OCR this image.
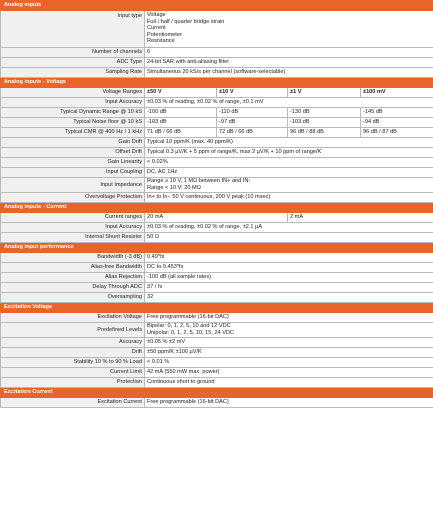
Analog inputs				
Input type	Voltage
Full / half / quarter bridge strain
Current
Potentiometer
Resistance			

Number of channels	6			
ADC Type	24-bit SAR with anti-aliasing filter			
Sampling Rate	Simultaneous 20 kS/s per channel (software-selectable)			
Analog inputs - Voltage				
Voltage Ranges	±50 V	±10 V	±1 V	±100 mV
Input Accuracy	±0.03 % of reading, ±0.02 % of range, ±0.1 mV			
Typical Dynamic Range @ 10 kS	-100 dB	-110 dB	-130 dB	-145 dB
Typical Noise floor @ 10 kS	-103 dB	-97 dB	-103 dB	-94 dB
Typical CMR @ 400 Hz / 1 kHz	71 dB / 66 dB	72 dB / 66 dB	96 dB / 88 dB	96 dB / 87 dB
Gain Drift	Typical 10 ppm/K (max. 40 ppm/K)			
Offset Drift	Typical 0.3 µV/K + 5 ppm of range/K, max 2 µV/K + 10 ppm of range/K			
Gain Linearity	< 0.02%			
Input Coupling	DC, AC 1Hz			
Input Impedance	Range ≥ 10 V, 1 MΩ between IN+ and IN-
Range < 10 V: 20 MΩ			

Overvoltage Protection	In+ to In-: 50 V continuous, 200 V peak (10 msec)			
Analog inputs - Current				
Current ranges	20 mA		2 mA	
Input Accuracy	±0.03 % of reading, ±0.02 % of range, ±2.1 µA			
Internal Shunt Resistor	50 Ω			
Analog input performance				
Bandwidth (-3 dB)	0.49*fs			
Alias-free Bandwidth	DC to 0.453*fs			
Alias Rejection	-100 dB (all sample rates)			
Delay Through ADC	37 / fs			
Oversampling	32			
Excitation Voltage				
Excitation Voltage	Free programmable (16-bit DAC)			
Predefined Levels	Bipolar: 0, 1, 2, 5, 10 and 12 VDC
Unipolar: 0, 1, 2, 5, 10, 15, 24 VDC			

Accuracy	±0.05 % ±2 mV			
Drift	±50 ppm/K ±100 µV/K			
Stability 10 % to 90 % Load	< 0.01 %			
Current Limit	42 mA (550 mW max. power)			
Protection	Continuous short to ground			
Excitation Current				
Excitation Current	Free programmable (16-bit DAC)			
